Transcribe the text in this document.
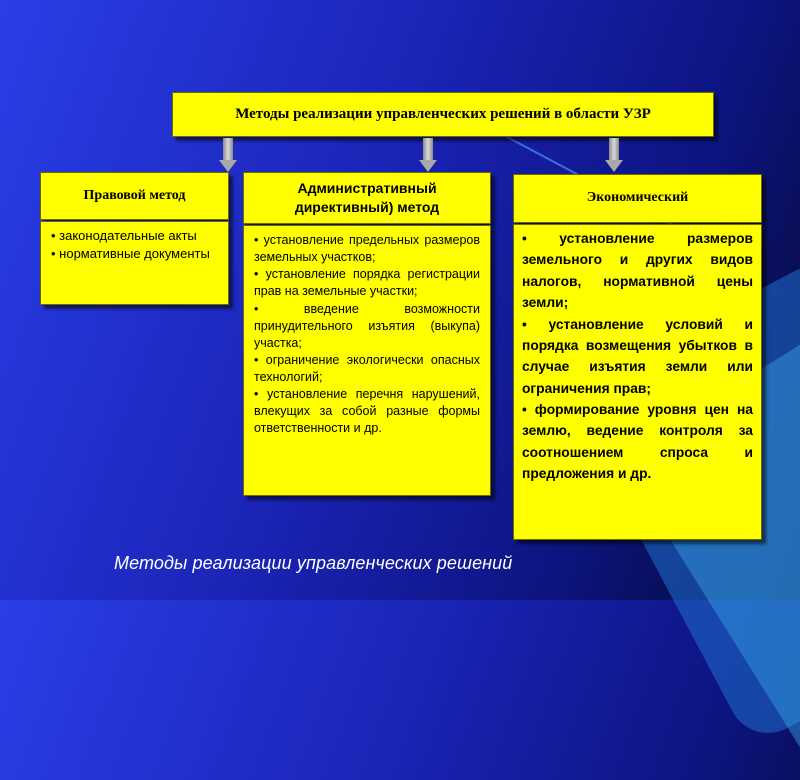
Методы реализации управленческих решений в области УЗР
Правовой метод
• законодательные акты
• нормативные документы
Административный директивный) метод
• установление предельных размеров земельных участков;
• установление порядка регистрации прав на земельные участки;
• введение возможности принудительного изъятия (выкупа) участка;
• ограничение экологически опасных технологий;
• установление перечня нарушений, влекущих за собой разные формы ответственности и др.
Экономический
• установление размеров земельного и других видов налогов, нормативной цены земли;
• установление условий и порядка возмещения убытков в случае изъятия земли или ограничения прав;
• формирование уровня цен на землю, ведение контроля за соотношением спроса и предложения и др.
Методы реализации управленческих решений
